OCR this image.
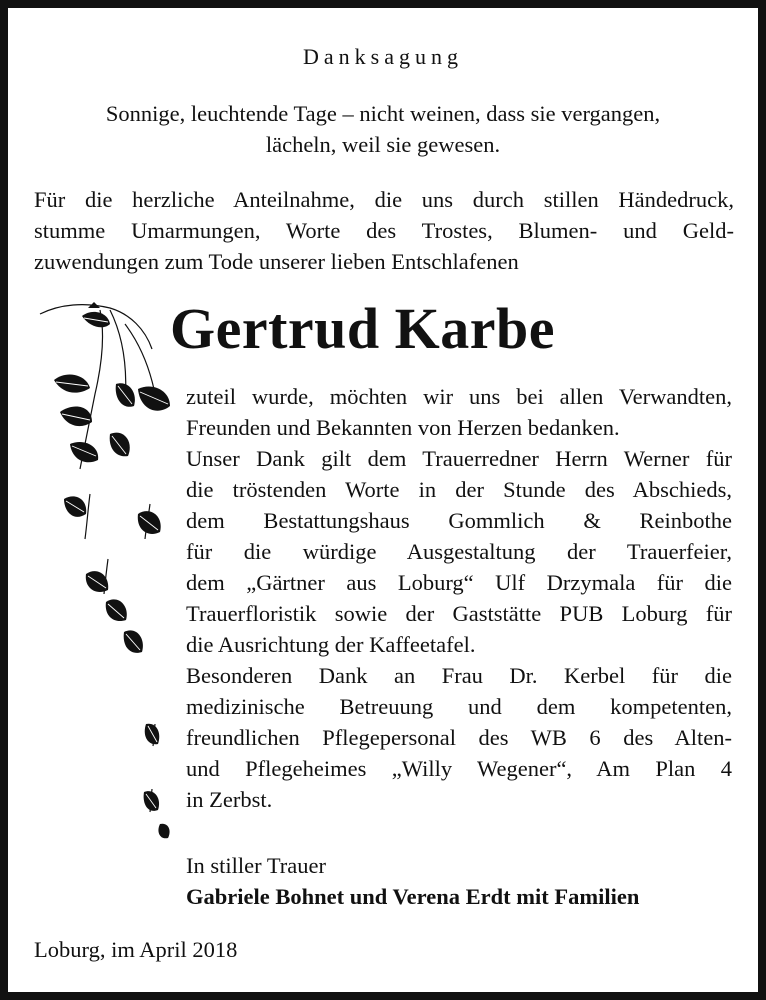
Danksagung
Sonnige, leuchtende Tage – nicht weinen, dass sie vergangen,
lächeln, weil sie gewesen.
Für die herzliche Anteilnahme, die uns durch stillen Händedruck,
stumme Umarmungen, Worte des Trostes, Blumen- und Geld-
zuwendungen zum Tode unserer lieben Entschlafenen
Gertrud Karbe
zuteil wurde, möchten wir uns bei allen Verwandten,
Freunden und Bekannten von Herzen bedanken.
Unser Dank gilt dem Trauerredner Herrn Werner für
die tröstenden Worte in der Stunde des Abschieds,
dem Bestattungshaus Gommlich & Reinbothe
für die würdige Ausgestaltung der Trauerfeier,
dem „Gärtner aus Loburg“ Ulf Drzymala für die
Trauerfloristik sowie der Gaststätte PUB Loburg für
die Ausrichtung der Kaffeetafel.
Besonderen Dank an Frau Dr. Kerbel für die
medizinische Betreuung und dem kompetenten,
freundlichen Pflegepersonal des WB 6 des Alten-
und Pflegeheimes „Willy Wegener“, Am Plan 4
in Zerbst.
In stiller Trauer
Gabriele Bohnet und Verena Erdt mit Familien
Loburg, im April 2018
